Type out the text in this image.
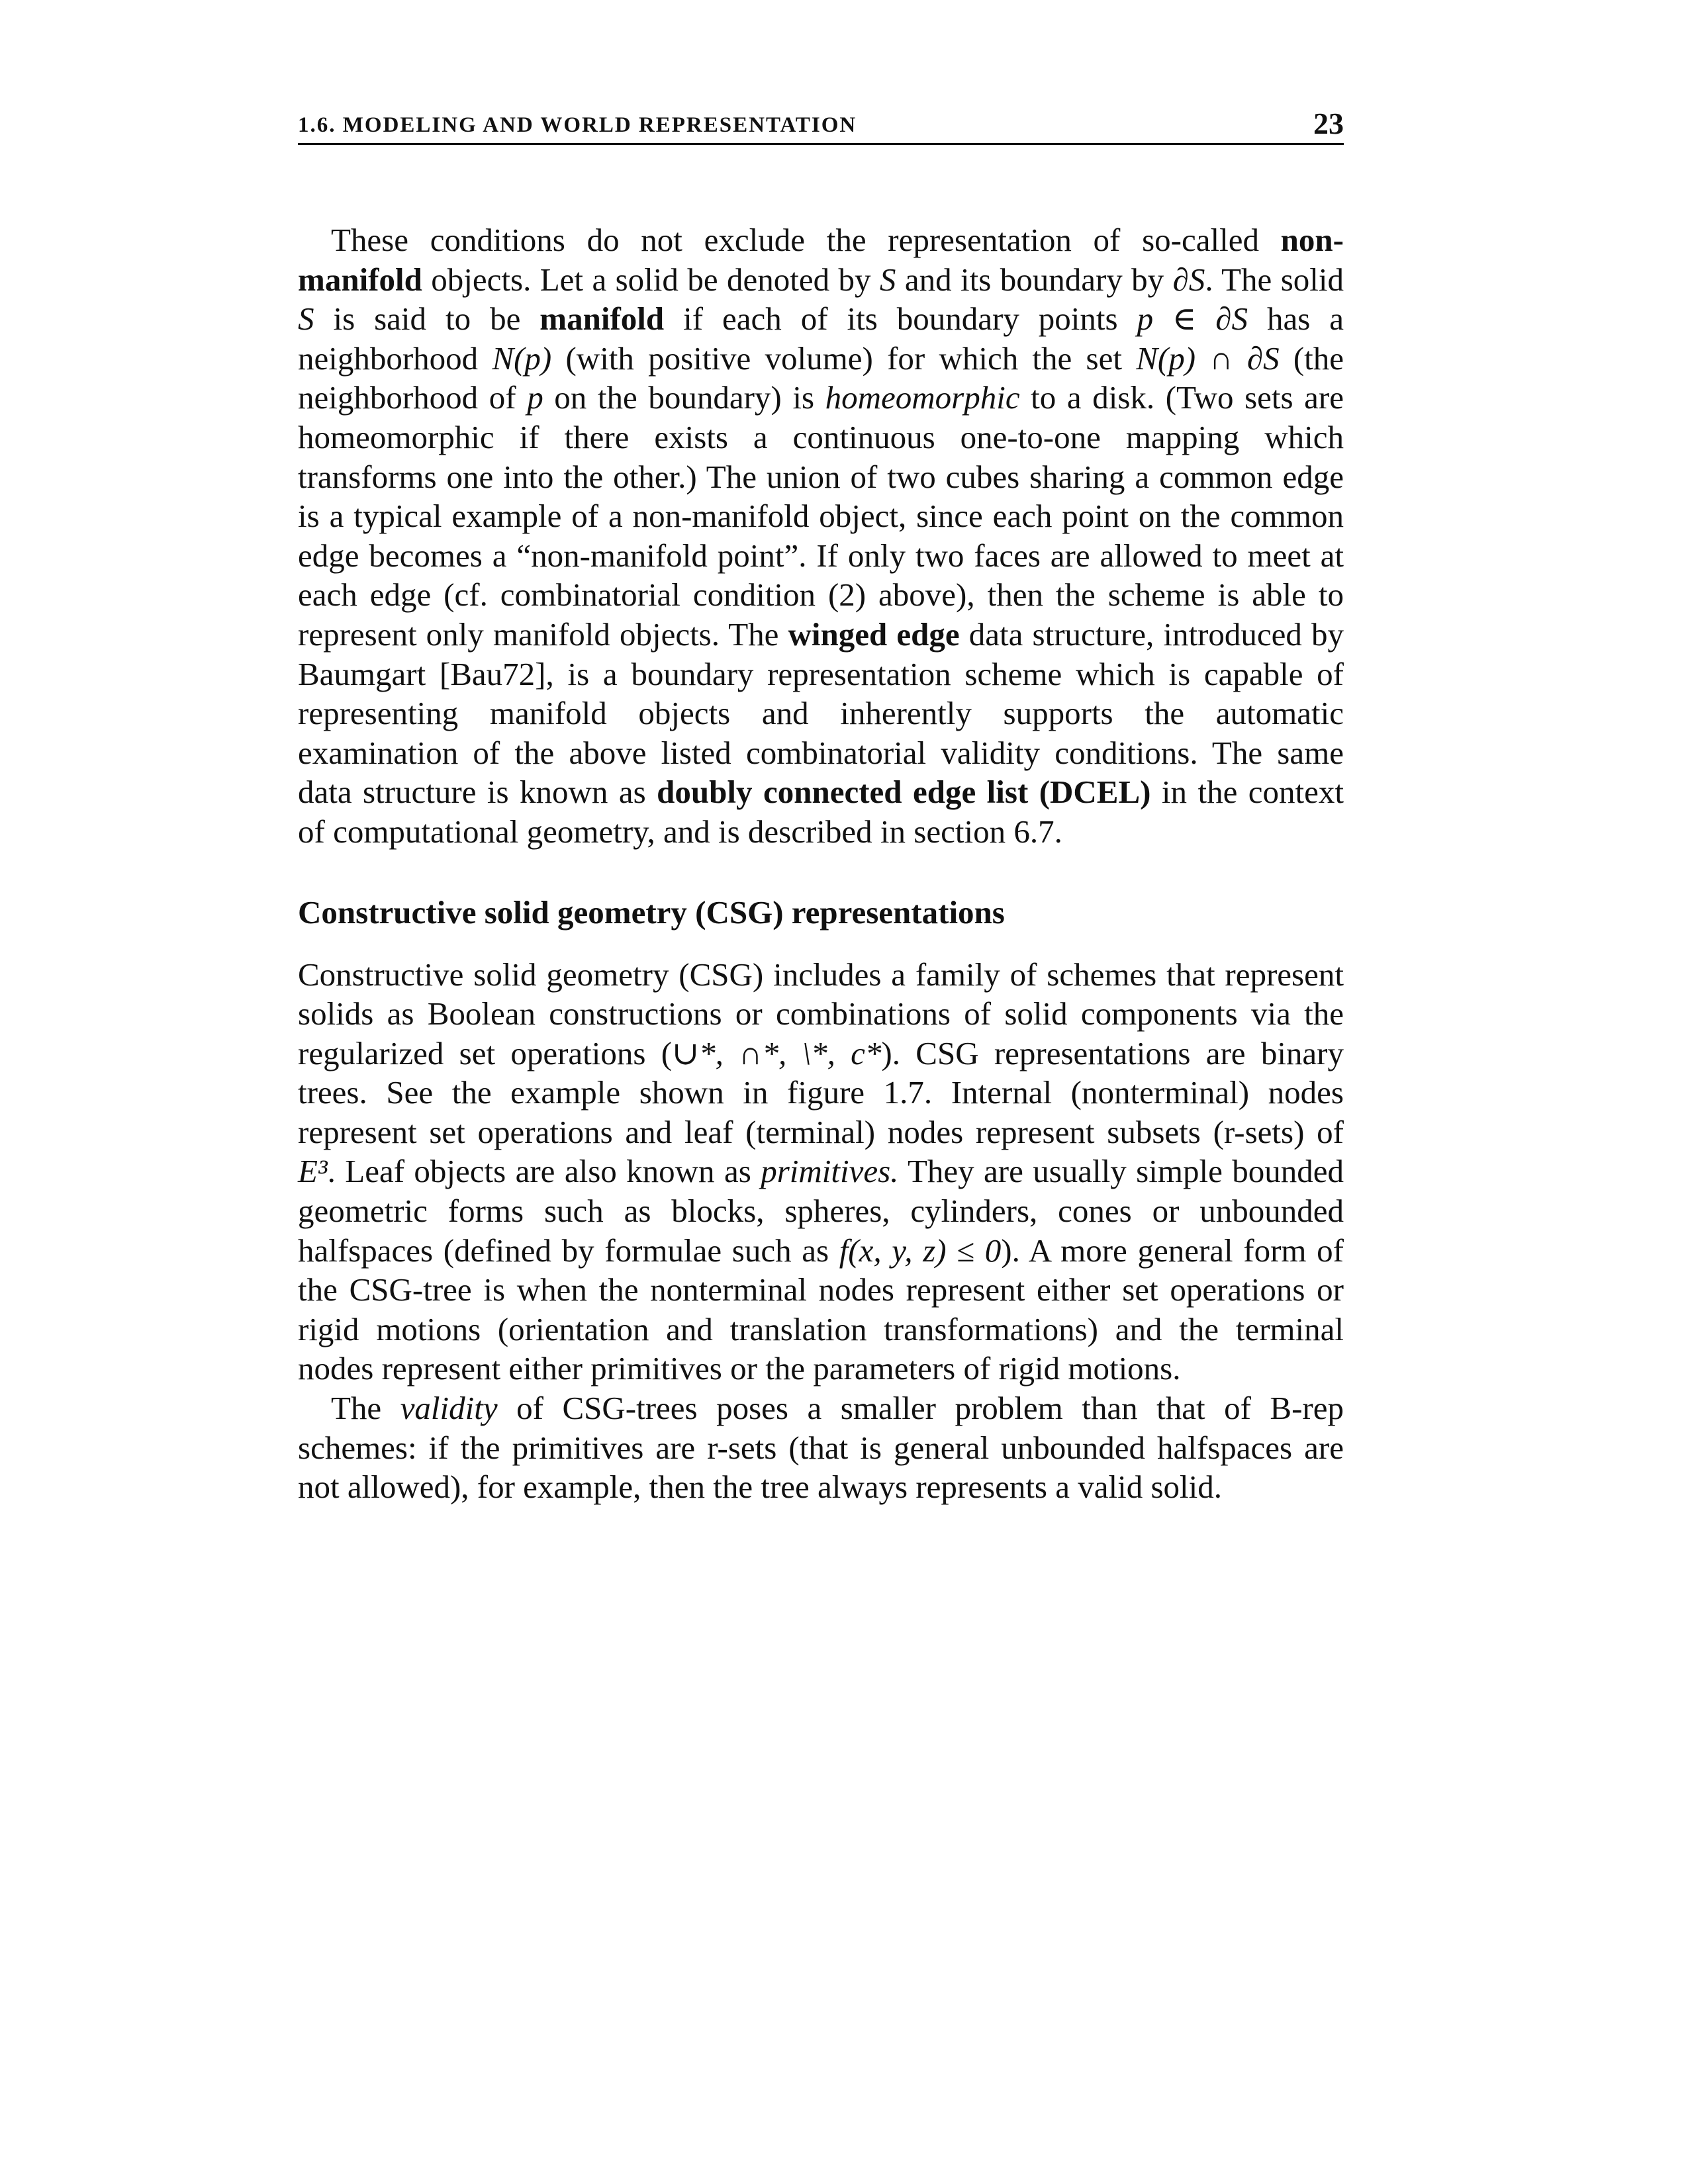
1.6. MODELING AND WORLD REPRESENTATION	23

These conditions do not exclude the representation of so-called non-manifold objects. Let a solid be denoted by S and its boundary by ∂S. The solid S is said to be manifold if each of its boundary points p ∈ ∂S has a neighborhood N(p) (with positive volume) for which the set N(p) ∩ ∂S (the neighborhood of p on the boundary) is homeomorphic to a disk. (Two sets are homeomorphic if there exists a continuous one-to-one mapping which transforms one into the other.) The union of two cubes sharing a common edge is a typical example of a non-manifold object, since each point on the common edge becomes a “non-manifold point”. If only two faces are allowed to meet at each edge (cf. combinatorial condition (2) above), then the scheme is able to represent only manifold objects. The winged edge data structure, introduced by Baumgart [Bau72], is a boundary representation scheme which is capable of representing manifold objects and inherently supports the automatic examination of the above listed combinatorial validity conditions. The same data structure is known as doubly connected edge list (DCEL) in the context of computational geometry, and is described in section 6.7.

Constructive solid geometry (CSG) representations

Constructive solid geometry (CSG) includes a family of schemes that represent solids as Boolean constructions or combinations of solid components via the regularized set operations (∪*, ∩*, \*, c*). CSG representations are binary trees. See the example shown in figure 1.7. Internal (nonterminal) nodes represent set operations and leaf (terminal) nodes represent subsets (r-sets) of E³. Leaf objects are also known as primitives. They are usually simple bounded geometric forms such as blocks, spheres, cylinders, cones or unbounded halfspaces (defined by formulae such as f(x, y, z) ≤ 0). A more general form of the CSG-tree is when the nonterminal nodes represent either set operations or rigid motions (orientation and translation transformations) and the terminal nodes represent either primitives or the parameters of rigid motions.

The validity of CSG-trees poses a smaller problem than that of B-rep schemes: if the primitives are r-sets (that is general unbounded halfspaces are not allowed), for example, then the tree always represents a valid solid.
